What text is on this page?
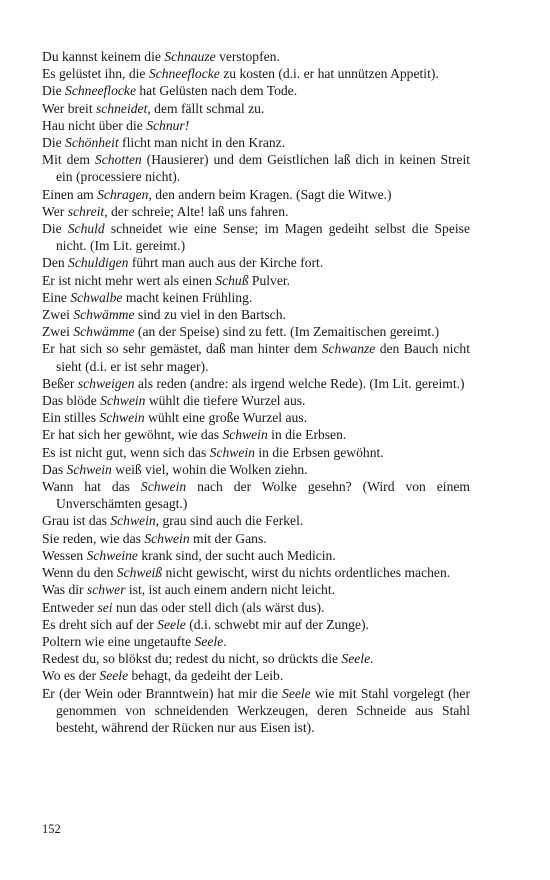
Du kannst keinem die Schnauze verstopfen.

Es gelüstet ihn, die Schneeflocke zu kosten (d.i. er hat unnützen Appetit).

Die Schneeflocke hat Gelüsten nach dem Tode.

Wer breit schneidet, dem fällt schmal zu.

Hau nicht über die Schnur!

Die Schönheit flicht man nicht in den Kranz.

Mit dem Schotten (Hausierer) und dem Geistlichen laß dich in keinen Streit ein (processiere nicht).

Einen am Schragen, den andern beim Kragen. (Sagt die Witwe.)

Wer schreit, der schreie; Alte! laß uns fahren.

Die Schuld schneidet wie eine Sense; im Magen gedeiht selbst die Speise nicht. (Im Lit. gereimt.)

Den Schuldigen führt man auch aus der Kirche fort.

Er ist nicht mehr wert als einen Schuß Pulver.

Eine Schwalbe macht keinen Frühling.

Zwei Schwämme sind zu viel in den Bartsch.

Zwei Schwämme (an der Speise) sind zu fett. (Im Zemaitischen gereimt.)

Er hat sich so sehr gemästet, daß man hinter dem Schwanze den Bauch nicht sieht (d.i. er ist sehr mager).

Beßer schweigen als reden (andre: als irgend welche Rede). (Im Lit. gereimt.)

Das blöde Schwein wühlt die tiefere Wurzel aus.

Ein stilles Schwein wühlt eine große Wurzel aus.

Er hat sich her gewöhnt, wie das Schwein in die Erbsen.

Es ist nicht gut, wenn sich das Schwein in die Erbsen gewöhnt.

Das Schwein weiß viel, wohin die Wolken ziehn.

Wann hat das Schwein nach der Wolke gesehn? (Wird von einem Unverschämten gesagt.)

Grau ist das Schwein, grau sind auch die Ferkel.

Sie reden, wie das Schwein mit der Gans.

Wessen Schweine krank sind, der sucht auch Medicin.

Wenn du den Schweiß nicht gewischt, wirst du nichts ordentliches machen.

Was dir schwer ist, ist auch einem andern nicht leicht.

Entweder sei nun das oder stell dich (als wärst dus).

Es dreht sich auf der Seele (d.i. schwebt mir auf der Zunge).

Poltern wie eine ungetaufte Seele.

Redest du, so blökst du; redest du nicht, so drückts die Seele.

Wo es der Seele behagt, da gedeiht der Leib.

Er (der Wein oder Branntwein) hat mir die Seele wie mit Stahl vorgelegt (her genommen von schneidenden Werkzeugen, deren Schneide aus Stahl besteht, während der Rücken nur aus Eisen ist).

152
